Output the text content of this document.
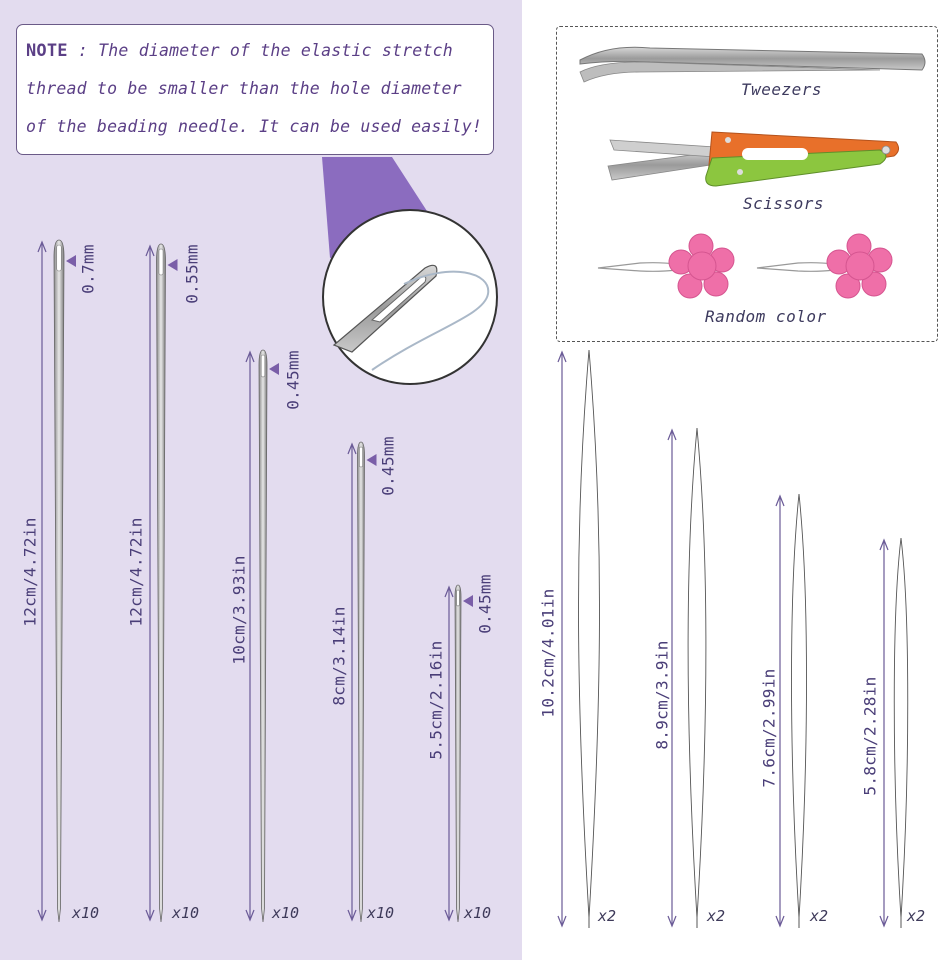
NOTE : The diameter of the elastic stretch
thread to be smaller than the hole diameter
of the beading needle. It can be used easily!
Tweezers
Scissors
Random color
12cm/4.72in
0.7mm
x10
12cm/4.72in
0.55mm
x10
10cm/3.93in
0.45mm
x10
8cm/3.14in
0.45mm
x10
5.5cm/2.16in
0.45mm
x10
10.2cm/4.01in
x2
8.9cm/3.9in
x2
7.6cm/2.99in
x2
5.8cm/2.28in
x2
